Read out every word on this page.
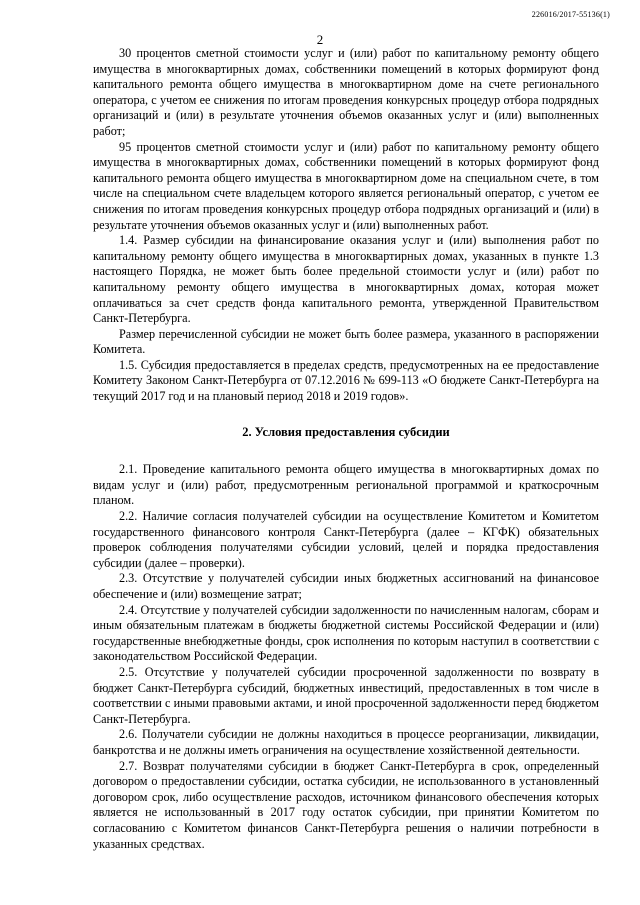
226016/2017-55136(1)
2

30 процентов сметной стоимости услуг и (или) работ по капитальному ремонту общего имущества в многоквартирных домах, собственники помещений в которых формируют фонд капитального ремонта общего имущества в многоквартирном доме на счете регионального оператора, с учетом ее снижения по итогам проведения конкурсных процедур отбора подрядных организаций и (или) в результате уточнения объемов оказанных услуг и (или) выполненных работ;

95 процентов сметной стоимости услуг и (или) работ по капитальному ремонту общего имущества в многоквартирных домах, собственники помещений в которых формируют фонд капитального ремонта общего имущества в многоквартирном доме на специальном счете, в том числе на специальном счете владельцем которого является региональный оператор, с учетом ее снижения по итогам проведения конкурсных процедур отбора подрядных организаций и (или) в результате уточнения объемов оказанных услуг и (или) выполненных работ.

1.4. Размер субсидии на финансирование оказания услуг и (или) выполнения работ по капитальному ремонту общего имущества в многоквартирных домах, указанных в пункте 1.3 настоящего Порядка, не может быть более предельной стоимости услуг и (или) работ по капитальному ремонту общего имущества в многоквартирных домах, которая может оплачиваться за счет средств фонда капитального ремонта, утвержденной Правительством Санкт-Петербурга.

Размер перечисленной субсидии не может быть более размера, указанного в распоряжении Комитета.

1.5. Субсидия предоставляется в пределах средств, предусмотренных на ее предоставление Комитету Законом Санкт-Петербурга от 07.12.2016 № 699-113 «О бюджете Санкт-Петербурга на текущий 2017 год и на плановый период 2018 и 2019 годов».

2. Условия предоставления субсидии

2.1. Проведение капитального ремонта общего имущества в многоквартирных домах по видам услуг и (или) работ, предусмотренным региональной программой и краткосрочным планом.

2.2. Наличие согласия получателей субсидии на осуществление Комитетом и Комитетом государственного финансового контроля Санкт-Петербурга (далее – КГФК) обязательных проверок соблюдения получателями субсидии условий, целей и порядка предоставления субсидии (далее – проверки).

2.3. Отсутствие у получателей субсидии иных бюджетных ассигнований на финансовое обеспечение и (или) возмещение затрат;

2.4. Отсутствие у получателей субсидии задолженности по начисленным налогам, сборам и иным обязательным платежам в бюджеты бюджетной системы Российской Федерации и (или) государственные внебюджетные фонды, срок исполнения по которым наступил в соответствии с законодательством Российской Федерации.

2.5. Отсутствие у получателей субсидии просроченной задолженности по возврату в бюджет Санкт-Петербурга субсидий, бюджетных инвестиций, предоставленных в том числе в соответствии с иными правовыми актами, и иной просроченной задолженности перед бюджетом Санкт-Петербурга.

2.6. Получатели субсидии не должны находиться в процессе реорганизации, ликвидации, банкротства и не должны иметь ограничения на осуществление хозяйственной деятельности.

2.7. Возврат получателями субсидии в бюджет Санкт-Петербурга в срок, определенный договором о предоставлении субсидии, остатка субсидии, не использованного в установленный договором срок, либо осуществление расходов, источником финансового обеспечения которых является не использованный в 2017 году остаток субсидии, при принятии Комитетом по согласованию с Комитетом финансов Санкт-Петербурга решения о наличии потребности в указанных средствах.
